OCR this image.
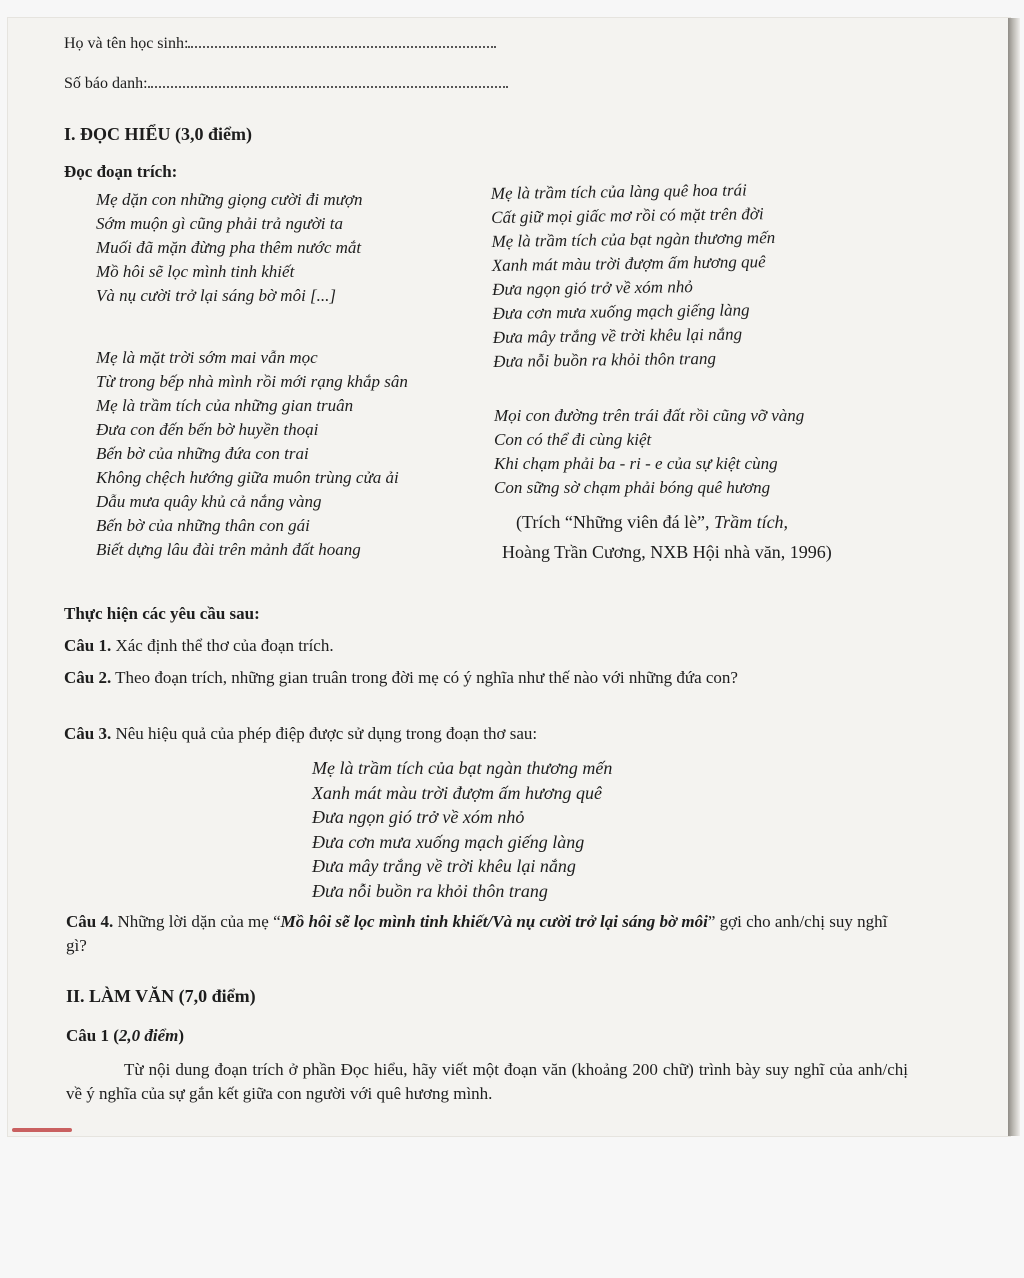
Họ và tên học sinh:
Số báo danh:
I. ĐỌC HIỂU (3,0 điểm)
Đọc đoạn trích:
Mẹ dặn con những giọng cười đi mượn
Sớm muộn gì cũng phải trả người ta
Muối đã mặn đừng pha thêm nước mắt
Mồ hôi sẽ lọc mình tinh khiết
Và nụ cười trở lại sáng bờ môi [...]
Mẹ là mặt trời sớm mai vẫn mọc
Từ trong bếp nhà mình rồi mới rạng khắp sân
Mẹ là trầm tích của những gian truân
Đưa con đến bến bờ huyền thoại
Bến bờ của những đứa con trai
Không chệch hướng giữa muôn trùng cửa ải
Dẫu mưa quây khủ cả nắng vàng
Bến bờ của những thân con gái
Biết dựng lâu đài trên mảnh đất hoang
Mẹ là trầm tích của làng quê hoa trái
Cất giữ mọi giấc mơ rồi có mặt trên đời
Mẹ là trầm tích của bạt ngàn thương mến
Xanh mát màu trời đượm ấm hương quê
Đưa ngọn gió trở về xóm nhỏ
Đưa cơn mưa xuống mạch giếng làng
Đưa mây trắng về trời khêu lại nắng
Đưa nỗi buồn ra khỏi thôn trang
Mọi con đường trên trái đất rồi cũng vỡ vàng
Con có thể đi cùng kiệt
Khi chạm phải ba - ri - e của sự kiệt cùng
Con sững sờ chạm phải bóng quê hương
(Trích “Những viên đá lè”, Trầm tích,
Hoàng Trần Cương, NXB Hội nhà văn, 1996)
Thực hiện các yêu cầu sau:
Câu 1. Xác định thể thơ của đoạn trích.
Câu 2. Theo đoạn trích, những gian truân trong đời mẹ có ý nghĩa như thế nào với những đứa con?
Câu 3. Nêu hiệu quả của phép điệp được sử dụng trong đoạn thơ sau:
Mẹ là trầm tích của bạt ngàn thương mến
Xanh mát màu trời đượm ấm hương quê
Đưa ngọn gió trở về xóm nhỏ
Đưa cơn mưa xuống mạch giếng làng
Đưa mây trắng về trời khêu lại nắng
Đưa nỗi buồn ra khỏi thôn trang
Câu 4. Những lời dặn của mẹ “Mồ hôi sẽ lọc mình tinh khiết/Và nụ cười trở lại sáng bờ môi” gợi cho anh/chị suy nghĩ gì?
II. LÀM VĂN (7,0 điểm)
Câu 1 (2,0 điểm)
Từ nội dung đoạn trích ở phần Đọc hiểu, hãy viết một đoạn văn (khoảng 200 chữ) trình bày suy nghĩ của anh/chị về ý nghĩa của sự gắn kết giữa con người với quê hương mình.
